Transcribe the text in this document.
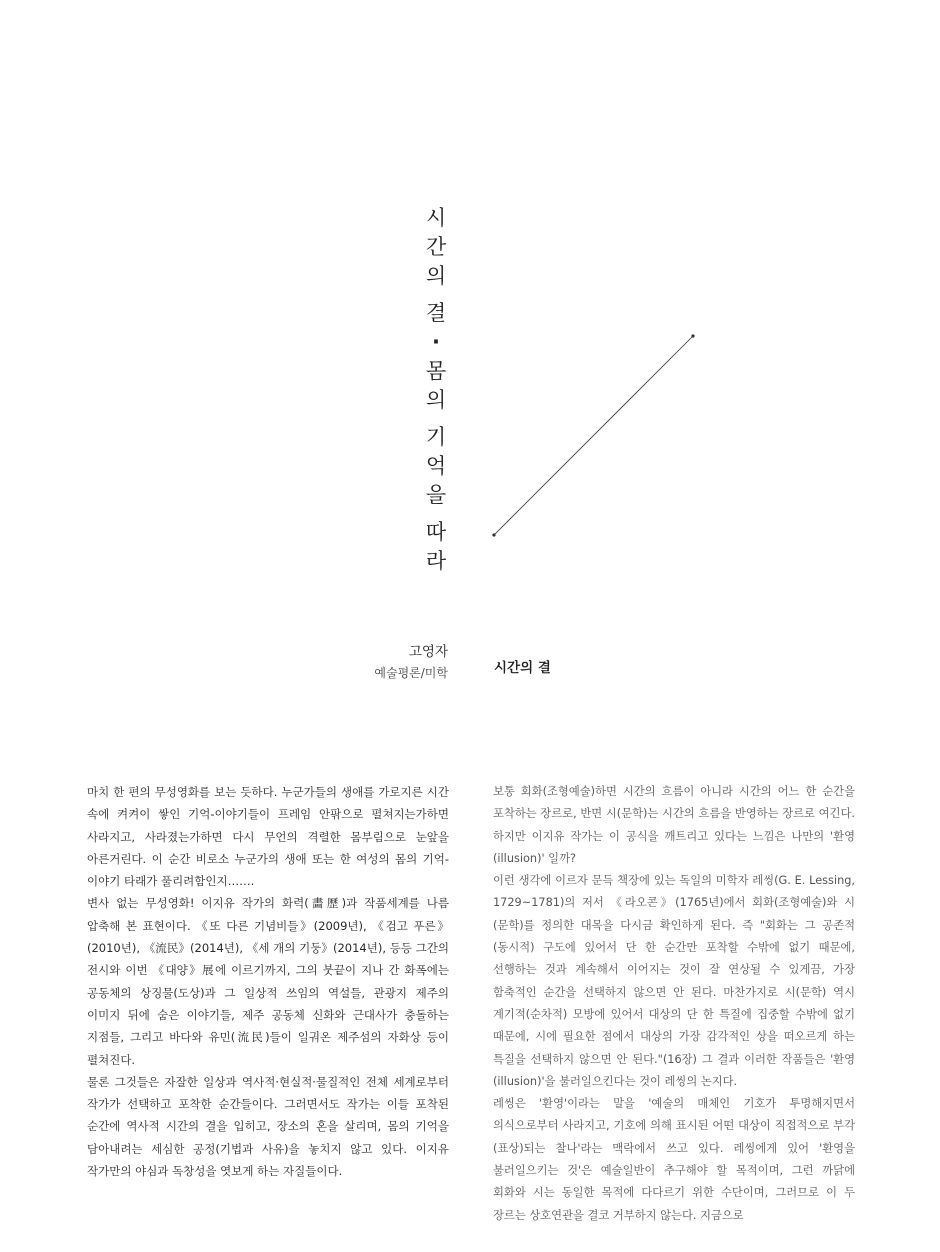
시
간
의
결
·
몸
의
기
억
을
따
라
고영자
예술평론/미학	시간의 결

마치 한 편의 무성영화를 보는 듯하다. 누군가들의 생애를 가로지른 시간 속에 켜켜이 쌓인 기억-이야기들이 프레임 안팎으로 펼쳐지는가하면 사라지고, 사라졌는가하면 다시 무언의 격렬한 몸부림으로 눈앞을 아른거린다. 이 순간 비로소 누군가의 생애 또는 한 여성의 몸의 기억-이야기 타래가 풀리려함인지…….

변사 없는 무성영화! 이지유 작가의 화력(畵歷)과 작품세계를 나름 압축해 본 표현이다. 《또 다른 기념비들》(2009년), 《검고 푸른》(2010년), 《流民》(2014년), 《세 개의 기둥》(2014년), 등등 그간의 전시와 이번 《대양》展에 이르기까지, 그의 붓끝이 지나 간 화폭에는 공동체의 상징물(도상)과 그 일상적 쓰임의 역설들, 관광지 제주의 이미지 뒤에 숨은 이야기들, 제주 공동체 신화와 근대사가 충돌하는 지점들, 그리고 바다와 유민(流民)들이 일궈온 제주섬의 자화상 등이 펼쳐진다.

물론 그것들은 자잘한 일상과 역사적·현실적·물질적인 전체 세계로부터 작가가 선택하고 포착한 순간들이다. 그러면서도 작가는 이들 포착된 순간에 역사적 시간의 결을 입히고, 장소의 혼을 살리며, 몸의 기억을 담아내려는 세심한 공정(기법과 사유)을 놓치지 않고 있다. 이지유 작가만의 야심과 독창성을 엿보게 하는 자질들이다.

보통 회화(조형예술)하면 시간의 흐름이 아니라 시간의 어느 한 순간을 포착하는 장르로, 반면 시(문학)는 시간의 흐름을 반영하는 장르로 여긴다. 하지만 이지유 작가는 이 공식을 깨트리고 있다는 느낌은 나만의 '환영(illusion)' 일까?

이런 생각에 이르자 문득 책장에 있는 독일의 미학자 레씽(G. E. Lessing, 1729~1781)의 저서 《라오콘》(1765년)에서 회화(조형예술)와 시(문학)를 정의한 대목을 다시금 확인하게 된다. 즉 "회화는 그 공존적(동시적) 구도에 있어서 단 한 순간만 포착할 수밖에 없기 때문에, 선행하는 것과 계속해서 이어지는 것이 잘 연상될 수 있게끔, 가장 함축적인 순간을 선택하지 않으면 안 된다. 마찬가지로 시(문학) 역시 계기적(순차적) 모방에 있어서 대상의 단 한 특질에 집중할 수밖에 없기 때문에, 시에 필요한 점에서 대상의 가장 감각적인 상을 떠오르게 하는 특질을 선택하지 않으면 안 된다."(16장) 그 결과 이러한 작품들은 '환영(illusion)'을 불러일으킨다는 것이 레씽의 논지다.

레씽은 '환영'이라는 말을 '예술의 매체인 기호가 투명해지면서 의식으로부터 사라지고, 기호에 의해 표시된 어떤 대상이 직접적으로 부각(표상)되는 찰나'라는 맥락에서 쓰고 있다. 레씽에게 있어 '환영을 불러일으키는 것'은 예술일반이 추구해야 할 목적이며, 그런 까닭에 회화와 시는 동일한 목적에 다다르기 위한 수단이며, 그러므로 이 두 장르는 상호연관을 결코 거부하지 않는다. 지금으로
